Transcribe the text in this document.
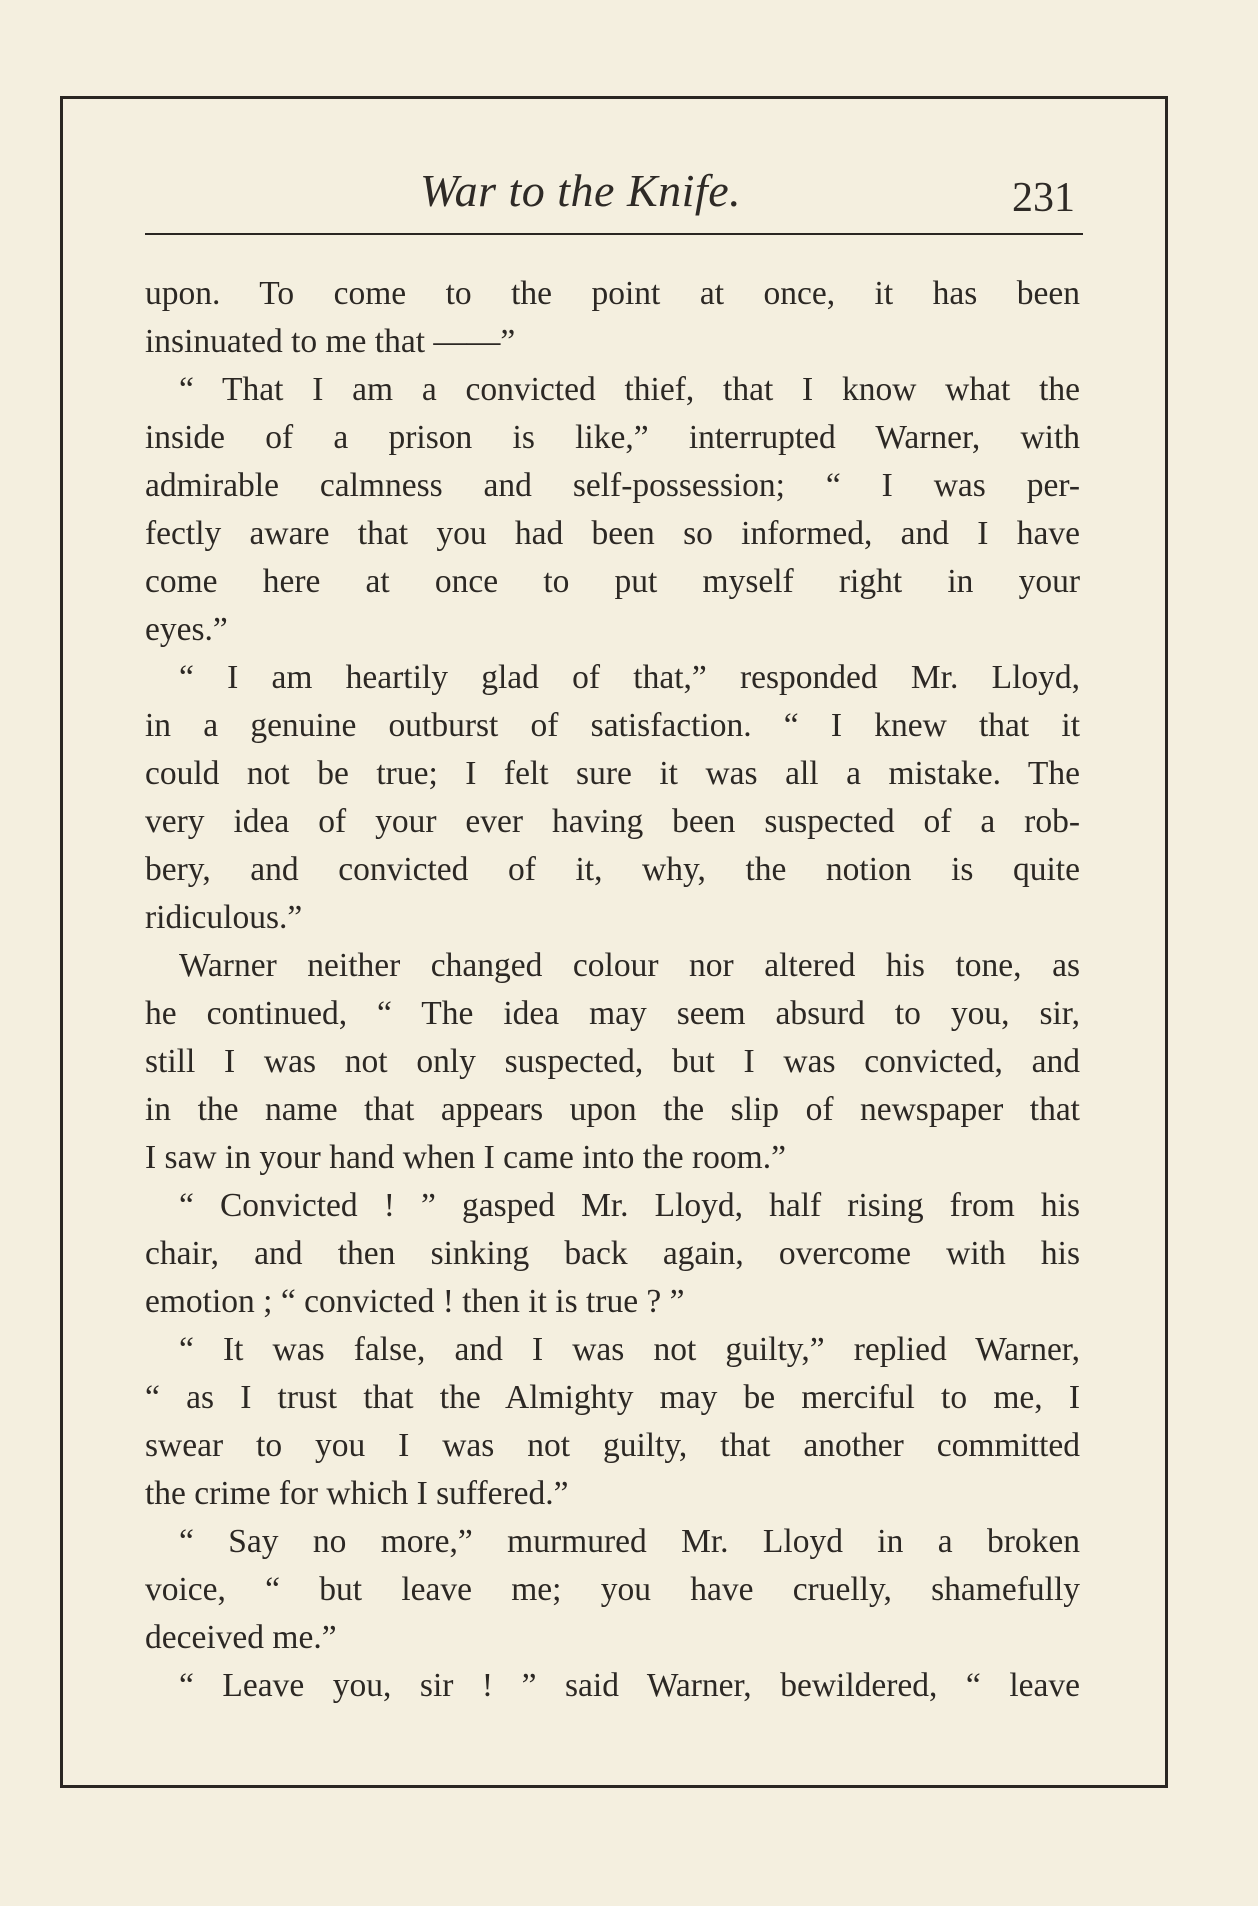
War to the Knife.	231
upon. To come to the point at once, it has been
insinuated to me that ——”
“ That I am a convicted thief, that I know what the
inside of a prison is like,” interrupted Warner, with
admirable calmness and self-possession; “ I was per-
fectly aware that you had been so informed, and I have
come here at once to put myself right in your
eyes.”
“ I am heartily glad of that,” responded Mr. Lloyd,
in a genuine outburst of satisfaction. “ I knew that it
could not be true; I felt sure it was all a mistake. The
very idea of your ever having been suspected of a rob-
bery, and convicted of it, why, the notion is quite
ridiculous.”
Warner neither changed colour nor altered his tone, as
he continued, “ The idea may seem absurd to you, sir,
still I was not only suspected, but I was convicted, and
in the name that appears upon the slip of newspaper that
I saw in your hand when I came into the room.”
“ Convicted ! ” gasped Mr. Lloyd, half rising from his
chair, and then sinking back again, overcome with his
emotion ; “ convicted ! then it is true ? ”
“ It was false, and I was not guilty,” replied Warner,
“ as I trust that the Almighty may be merciful to me, I
swear to you I was not guilty, that another committed
the crime for which I suffered.”
“ Say no more,” murmured Mr. Lloyd in a broken
voice, “ but leave me; you have cruelly, shamefully
deceived me.”
“ Leave you, sir ! ” said Warner, bewildered, “ leave
